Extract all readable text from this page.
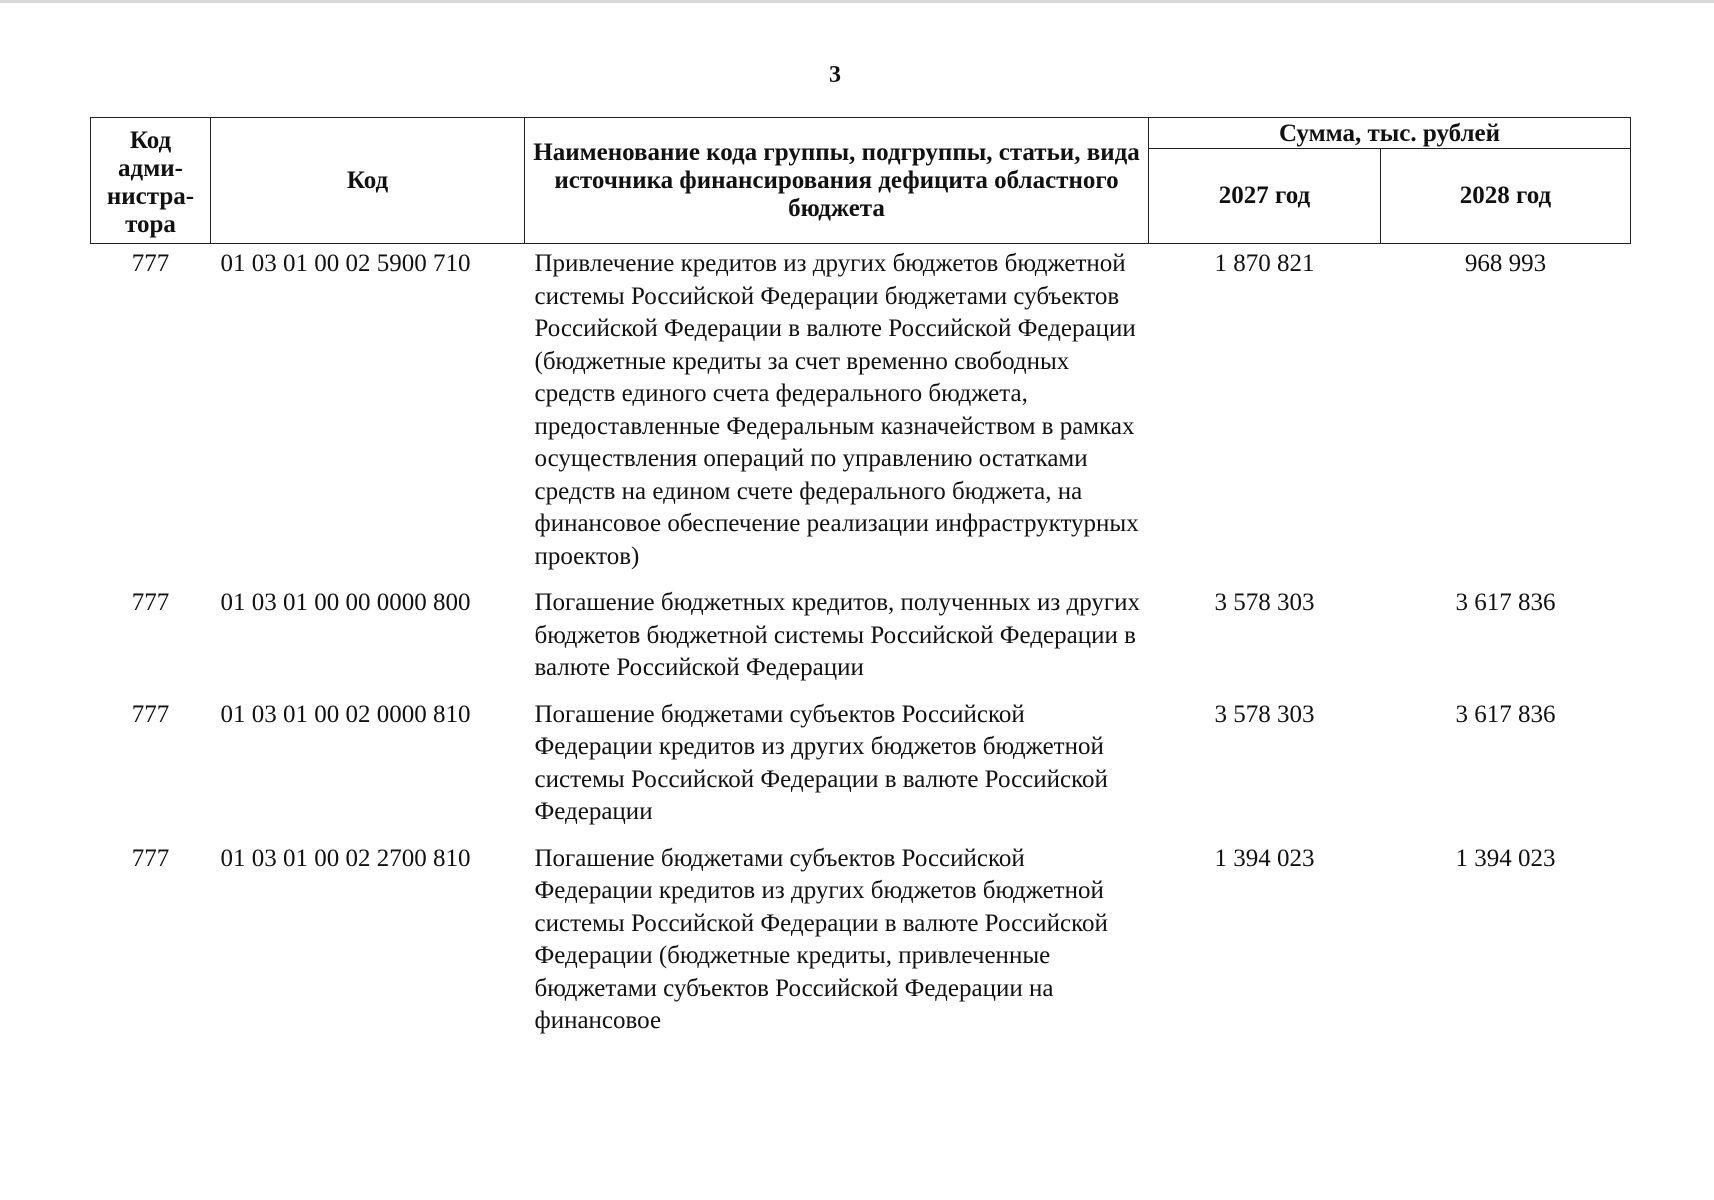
3
Код
адми-
нистра-
тора	Код	Наименование кода группы, подгруппы, статьи, вида источника финансирования дефицита областного бюджета	Сумма, тыс. рублей	
			2027 год	2028 год
777	01 03 01 00 02 5900 710	Привлечение кредитов из других бюджетов бюджетной системы Российской Федерации бюджетами субъектов Российской Федерации в валюте Российской Федерации (бюджетные кредиты за счет временно свободных средств единого счета федерального бюджета, предоставленные Федеральным казначейством в рамках осуществления операций по управлению остатками средств на едином счете федерального бюджета, на финансовое обеспечение реализации инфраструктурных проектов)	1 870 821	968 993
777	01 03 01 00 00 0000 800	Погашение бюджетных кредитов, полученных из других бюджетов бюджетной системы Российской Федерации в валюте Российской Федерации	3 578 303	3 617 836
777	01 03 01 00 02 0000 810	Погашение бюджетами субъектов Российской Федерации кредитов из других бюджетов бюджетной системы Российской Федерации в валюте Российской Федерации	3 578 303	3 617 836
777	01 03 01 00 02 2700 810	Погашение бюджетами субъектов Российской Федерации кредитов из других бюджетов бюджетной системы Российской Федерации в валюте Российской Федерации (бюджетные кредиты, привлеченные бюджетами субъектов Российской Федерации на финансовое	1 394 023	1 394 023
